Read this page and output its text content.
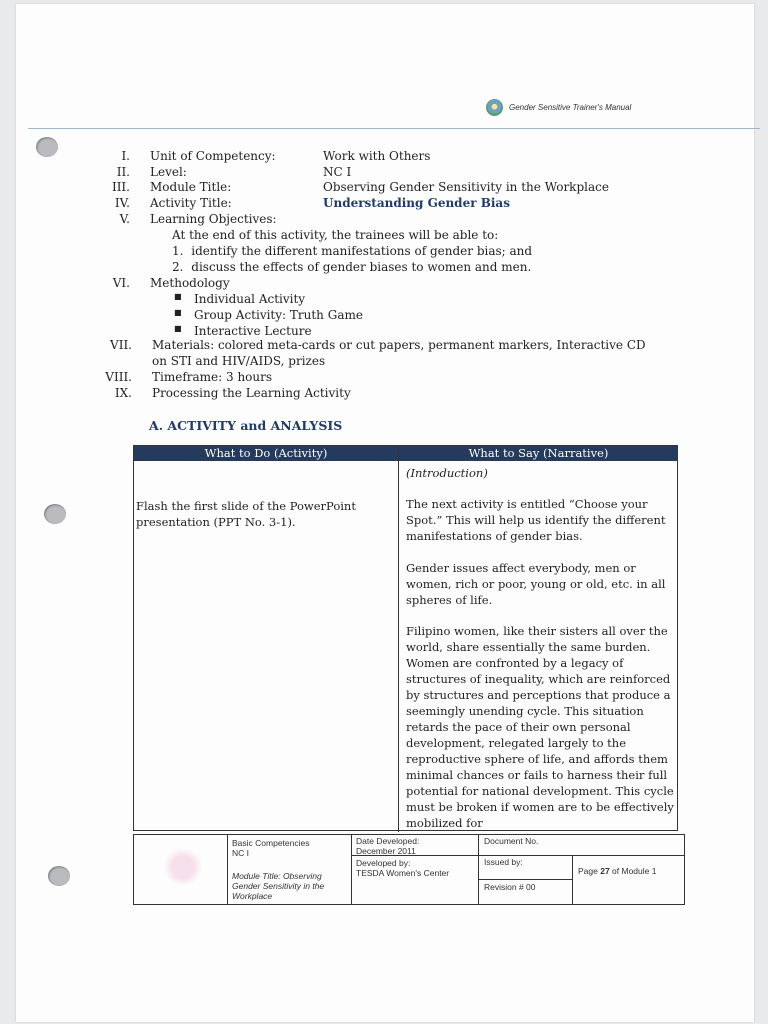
Gender Sensitive Trainer's Manual
I. Unit of Competency:	Work with Others
II. Level:	NC I
III. Module Title:	Observing Gender Sensitivity in the Workplace
IV. Activity Title:	Understanding Gender Bias
V. Learning Objectives:
At the end of this activity, the trainees will be able to:
1. identify the different manifestations of gender bias; and
2. discuss the effects of gender biases to women and men.
VI. Methodology
■ Individual Activity
■ Group Activity: Truth Game
■ Interactive Lecture
VII. Materials: colored meta-cards or cut papers, permanent markers, Interactive CD
on STI and HIV/AIDS, prizes
VIII. Timeframe: 3 hours
IX. Processing the Learning Activity
A. ACTIVITY and ANALYSIS
What to Do (Activity)	What to Say (Narrative)
Flash the first slide of the PowerPoint presentation (PPT No. 3-1).
(Introduction)
The next activity is entitled “Choose your Spot.” This will help us identify the different manifestations of gender bias.
Gender issues affect everybody, men or women, rich or poor, young or old, etc. in all spheres of life.
Filipino women, like their sisters all over the world, share essentially the same burden. Women are confronted by a legacy of structures of inequality, which are reinforced by structures and perceptions that produce a seemingly unending cycle. This situation retards the pace of their own personal development, relegated largely to the reproductive sphere of life, and affords them minimal chances or fails to harness their full potential for national development. This cycle must be broken if women are to be effectively mobilized for
Basic Competencies
NC I
Module Title: Observing Gender Sensitivity in the Workplace
Date Developed:
December 2011
Developed by:
TESDA Women's Center
Document No.
Issued by:
Revision # 00
Page 27 of Module 1
